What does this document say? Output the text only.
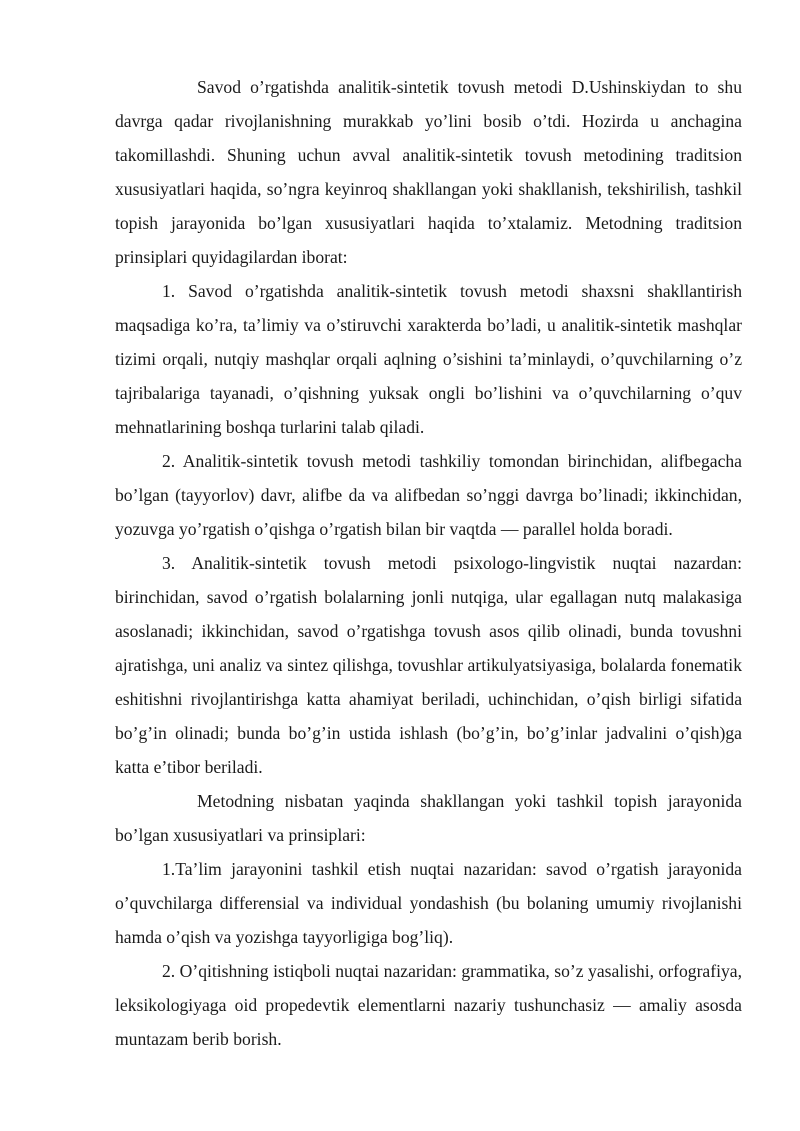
Savod o’rgatishda analitik-sintetik tovush metodi D.Ushinskiydan to shu davrga qadar rivojlanishning murakkab yo’lini bosib o’tdi. Hozirda u anchagina takomillashdi. Shuning uchun avval analitik-sintetik tovush metodining traditsion xususiyatlari haqida, so’ngra keyinroq shakllangan yoki shakllanish, tekshirilish, tashkil topish jarayonida bo’lgan xususiyatlari haqida to’xtalamiz. Metodning traditsion prinsiplari quyidagilardan iborat:

1. Savod o’rgatishda analitik-sintetik tovush metodi shaxsni shakllantirish maqsadiga ko’ra, ta’limiy va o’stiruvchi xarakterda bo’ladi, u analitik-sintetik mashqlar tizimi orqali, nutqiy mashqlar orqali aqlning o’sishini ta’minlaydi, o’quvchilarning o’z tajribalariga tayanadi, o’qishning yuksak ongli bo’lishini va o’quvchilarning o’quv mehnatlarining boshqa turlarini talab qiladi.

2. Analitik-sintetik tovush metodi tashkiliy tomondan birinchidan, alifbegacha bo’lgan (tayyorlov) davr, alifbe da va alifbedan so’nggi davrga bo’linadi; ikkinchidan, yozuvga yo’rgatish o’qishga o’rgatish bilan bir vaqtda — parallel holda boradi.

3. Analitik-sintetik tovush metodi psixologo-lingvistik nuqtai nazardan: birinchidan, savod o’rgatish bolalarning jonli nutqiga, ular egallagan nutq malakasiga asoslanadi; ikkinchidan, savod o’rgatishga tovush asos qilib olinadi, bunda tovushni ajratishga, uni analiz va sintez qilishga, tovushlar artikulyatsiyasiga, bolalarda fonematik eshitishni rivojlantirishga katta ahamiyat beriladi, uchinchidan, o’qish birligi sifatida bo’g’in olinadi; bunda bo’g’in ustida ishlash (bo’g’in, bo’g’inlar jadvalini o’qish)ga katta e’tibor beriladi.

Metodning nisbatan yaqinda shakllangan yoki tashkil topish jarayonida bo’lgan xususiyatlari va prinsiplari:

1.Ta’lim jarayonini tashkil etish nuqtai nazaridan: savod o’rgatish jarayonida o’quvchilarga differensial va individual yondashish (bu bolaning umumiy rivojlanishi hamda o’qish va yozishga tayyorligiga bog’liq).

2. O’qitishning istiqboli nuqtai nazaridan: grammatika, so’z yasalishi, orfografiya, leksikologiyaga oid propedevtik elementlarni nazariy tushunchasiz — amaliy asosda muntazam berib borish.
